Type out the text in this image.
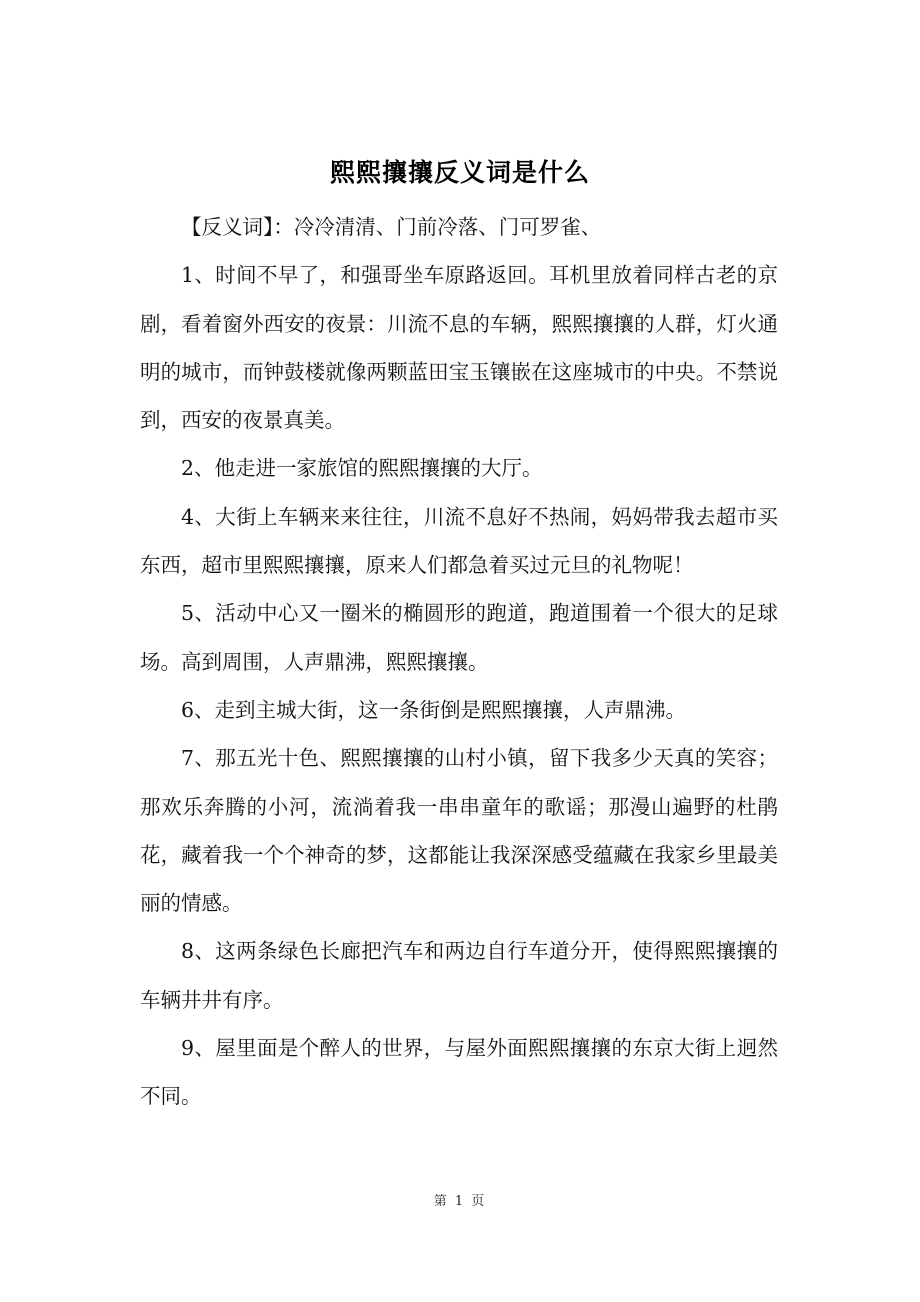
熙熙攘攘反义词是什么

【反义词】：冷冷清清、门前冷落、门可罗雀、

1、时间不早了，和强哥坐车原路返回。耳机里放着同样古老的京剧，看着窗外西安的夜景：川流不息的车辆，熙熙攘攘的人群，灯火通明的城市，而钟鼓楼就像两颗蓝田宝玉镶嵌在这座城市的中央。不禁说到，西安的夜景真美。

2、他走进一家旅馆的熙熙攘攘的大厅。

4、大街上车辆来来往往，川流不息好不热闹，妈妈带我去超市买东西，超市里熙熙攘攘，原来人们都急着买过元旦的礼物呢！

5、活动中心又一圈米的椭圆形的跑道，跑道围着一个很大的足球场。高到周围，人声鼎沸，熙熙攘攘。

6、走到主城大街，这一条街倒是熙熙攘攘，人声鼎沸。

7、那五光十色、熙熙攘攘的山村小镇，留下我多少天真的笑容；那欢乐奔腾的小河，流淌着我一串串童年的歌谣；那漫山遍野的杜鹃花，藏着我一个个神奇的梦，这都能让我深深感受蕴藏在我家乡里最美丽的情感。

8、这两条绿色长廊把汽车和两边自行车道分开，使得熙熙攘攘的车辆井井有序。

9、屋里面是个醉人的世界，与屋外面熙熙攘攘的东京大街上迥然不同。

第 1 页
